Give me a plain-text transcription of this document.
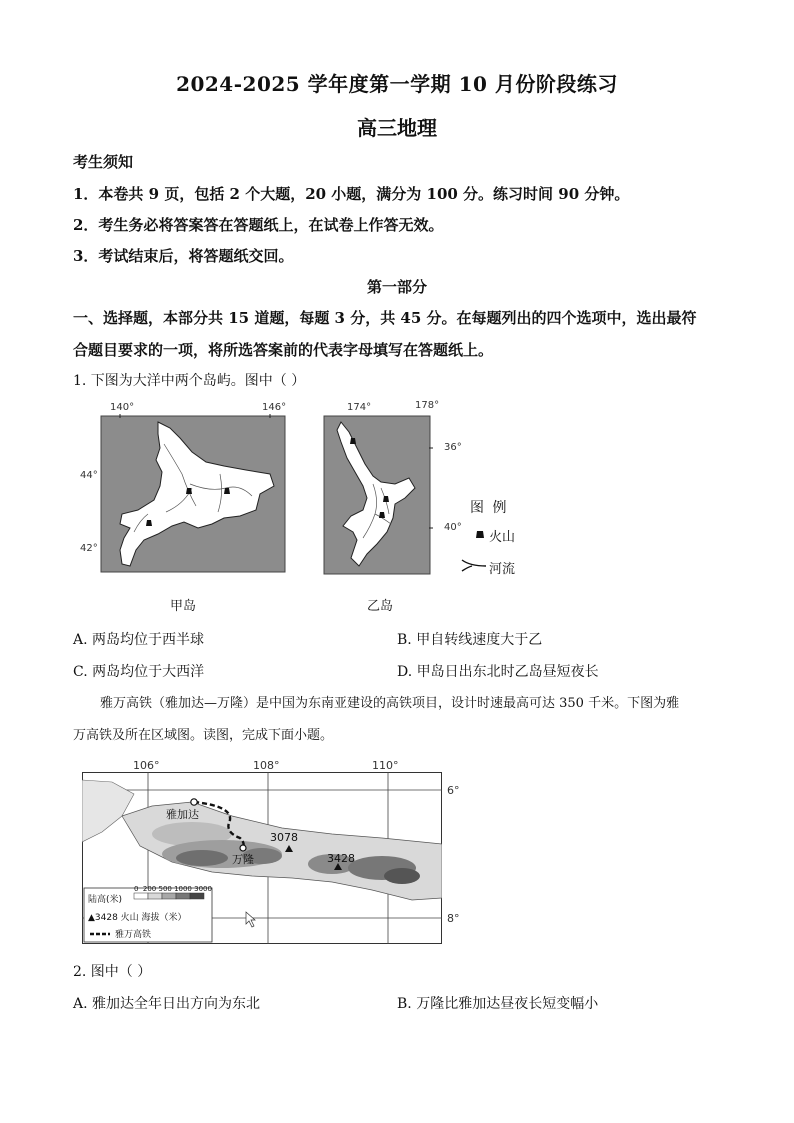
2024-2025 学年度第一学期 10 月份阶段练习
高三地理
考生须知
1．本卷共 9 页，包括 2 个大题，20 小题，满分为 100 分。练习时间 90 分钟。
2．考生务必将答案答在答题纸上，在试卷上作答无效。
3．考试结束后，将答题纸交回。
第一部分
一、选择题，本部分共 15 道题，每题 3 分，共 45 分。在每题列出的四个选项中，选出最符
合题目要求的一项，将所选答案前的代表字母填写在答题纸上。
1. 下图为大洋中两个岛屿。图中（ ）
140°	146°
44°
42°
甲岛
174°	178°
36°
40°
乙岛
图 例
火山
河流
A. 两岛均位于西半球	B. 甲自转线速度大于乙
C. 两岛均位于大西洋	D. 甲岛日出东北时乙岛昼短夜长
雅万高铁（雅加达—万隆）是中国为东南亚建设的高铁项目，设计时速最高可达 350 千米。下图为雅
万高铁及所在区域图。读图，完成下面小题。
106°	108°	110°
6°
8°
雅加达
万隆
3078
3428
陆高(米)
0  200 500 1000 3000
▲3428 火山 海拔（米）
雅万高铁
2. 图中（ ）
A. 雅加达全年日出方向为东北	B. 万隆比雅加达昼夜长短变幅小
